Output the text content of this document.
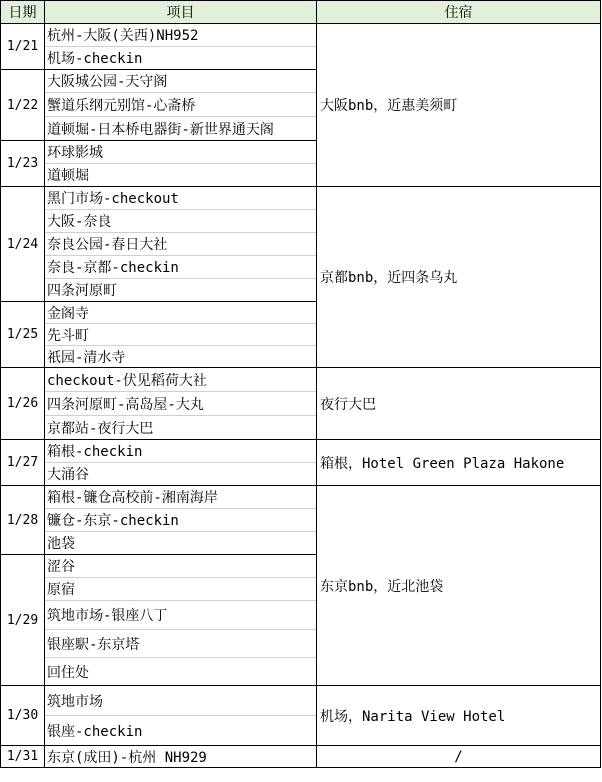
日期	项目	住宿
1/21	杭州-大阪(关西)NH952	大阪bnb，近惠美须町
	机场-checkin	
1/22	大阪城公园-天守阁	
	蟹道乐纲元别馆-心斋桥	
	道顿堀-日本桥电器街-新世界通天阁	
1/23	环球影城	
	道顿堀	
1/24	黑门市场-checkout	京都bnb，近四条乌丸
	大阪-奈良	
	奈良公园-春日大社	
	奈良-京都-checkin	
	四条河原町	
1/25	金阁寺	
	先斗町	
	祇园-清水寺	
1/26	checkout-伏见稻荷大社	夜行大巴
	四条河原町-高岛屋-大丸	
	京都站-夜行大巴	
1/27	箱根-checkin	箱根，Hotel Green Plaza Hakone
	大涌谷	
1/28	箱根-镰仓高校前-湘南海岸	东京bnb，近北池袋
	镰仓-东京-checkin	
	池袋	
1/29	涩谷	
	原宿	
	筑地市场-银座八丁	
	银座駅-东京塔	
	回住处	
1/30	筑地市场	机场，Narita View Hotel
	银座-checkin	
1/31	东京(成田)-杭州 NH929	/
